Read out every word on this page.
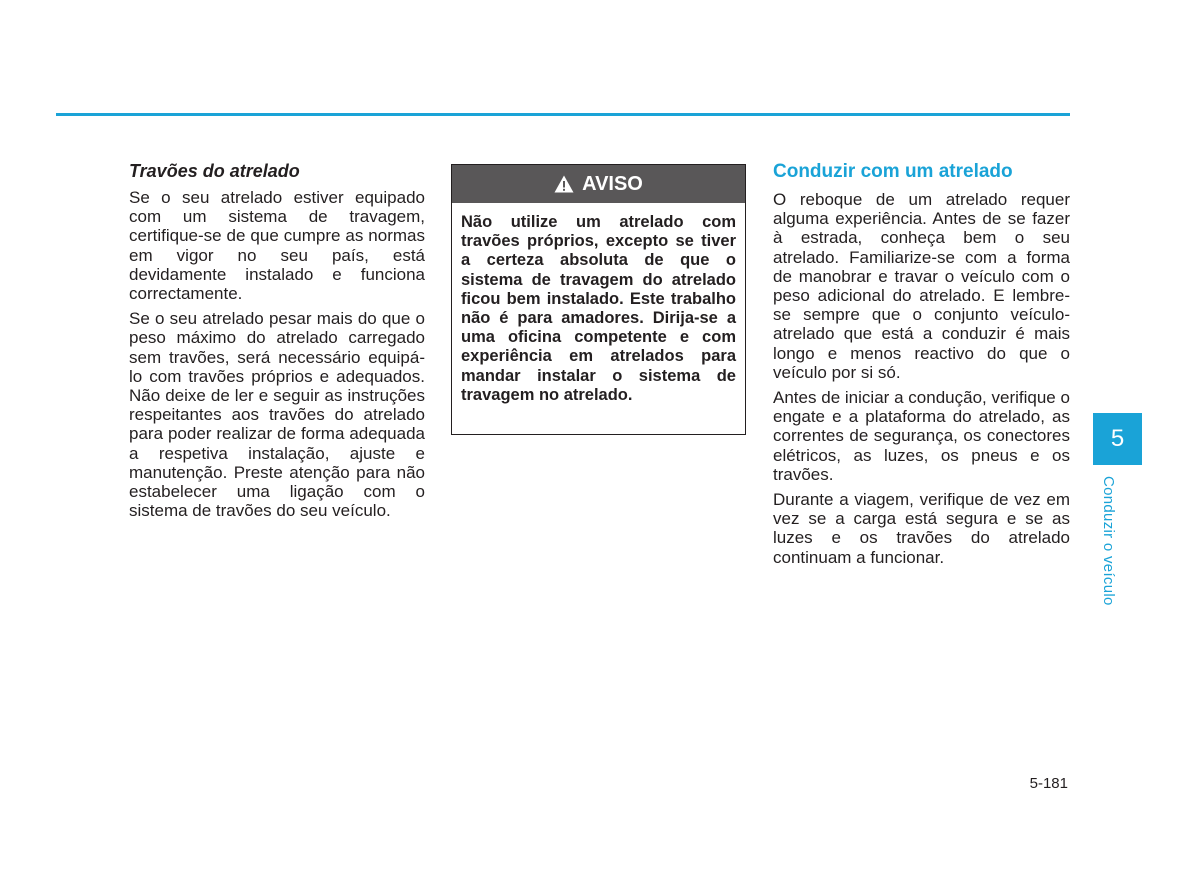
Travões do atrelado

Se o seu atrelado estiver equipado com um sistema de travagem, certifique-se de que cumpre as normas em vigor no seu país, está devidamente instalado e funciona correctamente.

Se o seu atrelado pesar mais do que o peso máximo do atrelado carregado sem travões, será necessário equipá-lo com travões próprios e adequados. Não deixe de ler e seguir as instruções respeitantes aos travões do atrelado para poder realizar de forma adequada a respetiva instalação, ajuste e manutenção. Preste atenção para não estabelecer uma ligação com o sistema de travões do seu veículo.

AVISO
Não utilize um atrelado com travões próprios, excepto se tiver a certeza absoluta de que o sistema de travagem do atrelado ficou bem instalado. Este trabalho não é para amadores. Dirija-se a uma oficina competente e com experiência em atrelados para mandar instalar o sistema de travagem no atrelado.
Conduzir com um atrelado

O reboque de um atrelado requer alguma experiência. Antes de se fazer à estrada, conheça bem o seu atrelado. Familiarize-se com a forma de manobrar e travar o veículo com o peso adicional do atrelado. E lembre-se sempre que o conjunto veículo-atrelado que está a conduzir é mais longo e menos reactivo do que o veículo por si só.

Antes de iniciar a condução, verifique o engate e a plataforma do atrelado, as correntes de segurança, os conectores elétricos, as luzes, os pneus e os travões.

Durante a viagem, verifique de vez em vez se a carga está segura e se as luzes e os travões do atrelado continuam a funcionar.

5
Conduzir o veículo
5-181
